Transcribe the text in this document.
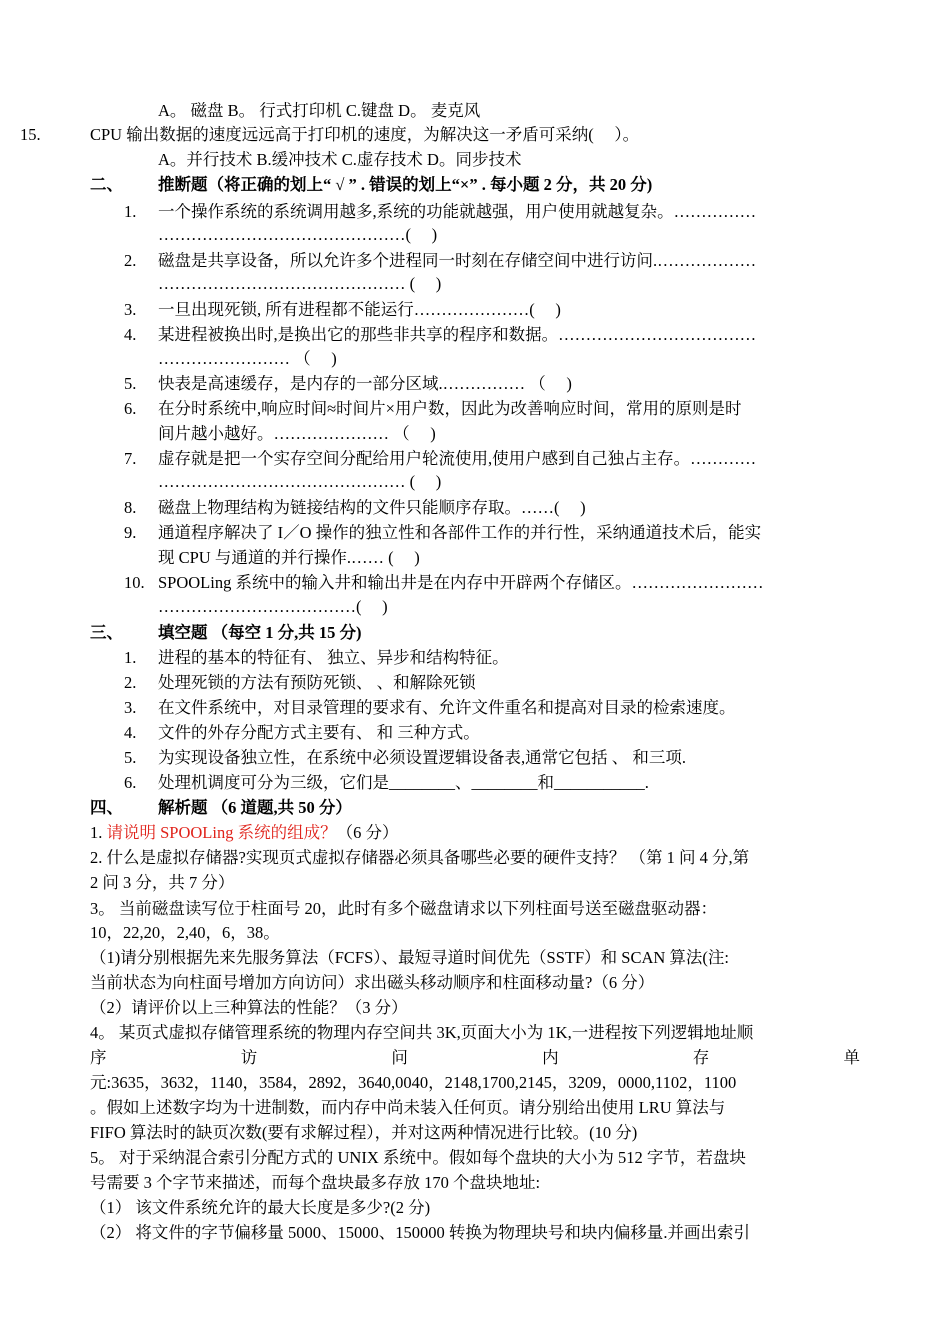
A。 磁盘 B。 行式打印机 C.键盘 D。 麦克风
15.	CPU 输出数据的速度远远高于打印机的速度，为解决这一矛盾可采纳(　 ）。
A。并行技术 B.缓冲技术 C.虚存技术 D。同步技术
二、 推断题（将正确的划上“ √ ” . 错误的划上“×” . 每小题 2 分，共 20 分)
1. 一个操作系统的系统调用越多,系统的功能就越强，用户使用就越复杂。……………
………………………………………(　 )
2. 磁盘是共享设备，所以允许多个进程同一时刻在存储空间中进行访问.………………
……………………………………… (　 )
3. 一旦出现死锁, 所有进程都不能运行…………………(　 )
4. 某进程被换出时,是换出它的那些非共享的程序和数据。………………………………
…………………… （　 )
5. 快表是高速缓存，是内存的一部分区域.…………… （　 )
6. 在分时系统中,响应时间≈时间片×用户数，因此为改善响应时间，常用的原则是时
间片越小越好。………………… （　 )
7. 虚存就是把一个实存空间分配给用户轮流使用,使用户感到自己独占主存。…………
……………………………………… (　 )
8. 磁盘上物理结构为链接结构的文件只能顺序存取。……(　 )
9. 通道程序解决了 I／O 操作的独立性和各部件工作的并行性，采纳通道技术后，能实
现 CPU 与通道的并行操作.…… (　 )
10. SPOOLing 系统中的输入井和输出井是在内存中开辟两个存储区。……………………
………………………………(　 )
三、 填空题 （每空 1 分,共 15 分)
1. 进程的基本的特征有、 独立、异步和结构特征。
2. 处理死锁的方法有预防死锁、 、和解除死锁
3. 在文件系统中，对目录管理的要求有、允许文件重名和提高对目录的检索速度。
4. 文件的外存分配方式主要有、 和 三种方式。
5. 为实现设备独立性，在系统中必须设置逻辑设备表,通常它包括 、 和三项.
6. 处理机调度可分为三级，它们是________、________和___________.
四、 解析题 （6 道题,共 50 分）
1. 请说明 SPOOLing 系统的组成？（6 分）
2. 什么是虚拟存储器?实现页式虚拟存储器必须具备哪些必要的硬件支持？ （第 1 问 4 分,第
2 问 3 分，共 7 分）
3。 当前磁盘读写位于柱面号 20，此时有多个磁盘请求以下列柱面号送至磁盘驱动器：
10，22,20，2,40，6，38。
（1)请分别根据先来先服务算法（FCFS）、最短寻道时间优先（SSTF）和 SCAN 算法(注:
当前状态为向柱面号增加方向访问）求出磁头移动顺序和柱面移动量?（6 分）
（2）请评价以上三种算法的性能？（3 分）
4。 某页式虚拟存储管理系统的物理内存空间共 3K,页面大小为 1K,一进程按下列逻辑地址顺
序	访	问	内	存	单
元:3635，3632，1140，3584，2892，3640,0040，2148,1700,2145，3209，0000,1102，1100
。假如上述数字均为十进制数，而内存中尚未装入任何页。请分别给出使用 LRU 算法与
FIFO 算法时的缺页次数(要有求解过程），并对这两种情况进行比较。(10 分)
5。 对于采纳混合索引分配方式的 UNIX 系统中。假如每个盘块的大小为 512 字节，若盘块
号需要 3 个字节来描述，而每个盘块最多存放 170 个盘块地址:
（1） 该文件系统允许的最大长度是多少?(2 分)
（2） 将文件的字节偏移量 5000、15000、150000 转换为物理块号和块内偏移量.并画出索引
